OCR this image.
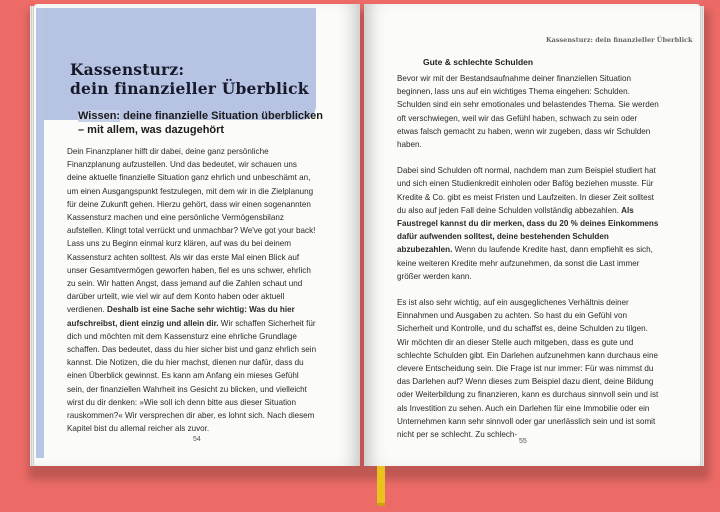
Kassensturz:
dein finanzieller Überblick
Wissen: deine finanzielle Situation überblicken – mit allem, was dazugehört
Dein Finanzplaner hilft dir dabei, deine ganz persönliche Finanzplanung aufzustellen. Und das bedeutet, wir schauen uns deine aktuelle finanzielle Situation ganz ehrlich und unbeschämt an, um einen Ausgangspunkt festzulegen, mit dem wir in die Zielplanung für deine Zukunft gehen. Hierzu gehört, dass wir einen sogenannten Kassensturz machen und eine persönliche Vermögensbilanz aufstellen. Klingt total verrückt und unmachbar? We've got your back! Lass uns zu Beginn einmal kurz klären, auf was du bei deinem Kassensturz achten solltest. Als wir das erste Mal einen Blick auf unser Gesamtvermögen geworfen haben, fiel es uns schwer, ehrlich zu sein. Wir hatten Angst, dass jemand auf die Zahlen schaut und darüber urteilt, wie viel wir auf dem Konto haben oder aktuell verdienen. Deshalb ist eine Sache sehr wichtig: Was du hier aufschreibst, dient einzig und allein dir. Wir schaffen Sicherheit für dich und möchten mit dem Kassensturz eine ehrliche Grundlage schaffen. Das bedeutet, dass du hier sicher bist und ganz ehrlich sein kannst. Die Notizen, die du hier machst, dienen nur dafür, dass du einen Überblick gewinnst. Es kann am Anfang ein mieses Gefühl sein, der finanziellen Wahrheit ins Gesicht zu blicken, und vielleicht wirst du dir denken: »Wie soll ich denn bitte aus dieser Situation rauskommen?« Wir versprechen dir aber, es lohnt sich. Nach diesem Kapitel bist du allemal reicher als zuvor.
54
Kassensturz: dein finanzieller Überblick
Gute & schlechte Schulden

Bevor wir mit der Bestandsaufnahme deiner finanziellen Situation beginnen, lass uns auf ein wichtiges Thema eingehen: Schulden. Schulden sind ein sehr emotionales und belastendes Thema. Sie werden oft verschwiegen, weil wir das Gefühl haben, schwach zu sein oder etwas falsch gemacht zu haben, wenn wir zugeben, dass wir Schulden haben.

Dabei sind Schulden oft normal, nachdem man zum Beispiel studiert hat und sich einen Studienkredit einholen oder Bafög beziehen musste. Für Kredite & Co. gibt es meist Fristen und Laufzeiten. In dieser Zeit solltest du also auf jeden Fall deine Schulden vollständig abbezahlen. Als Faustregel kannst du dir merken, dass du 20 % deines Einkommens dafür aufwenden solltest, deine bestehenden Schulden abzubezahlen. Wenn du laufende Kredite hast, dann empfiehlt es sich, keine weiteren Kredite mehr aufzunehmen, da sonst die Last immer größer werden kann.

Es ist also sehr wichtig, auf ein ausgeglichenes Verhältnis deiner Einnahmen und Ausgaben zu achten. So hast du ein Gefühl von Sicherheit und Kontrolle, und du schaffst es, deine Schulden zu tilgen. Wir möchten dir an dieser Stelle auch mitgeben, dass es gute und schlechte Schulden gibt. Ein Darlehen aufzunehmen kann durchaus eine clevere Entscheidung sein. Die Frage ist nur immer: Für was nimmst du das Darlehen auf? Wenn dieses zum Beispiel dazu dient, deine Bildung oder Weiterbildung zu finanzieren, kann es durchaus sinnvoll sein und ist als Investition zu sehen. Auch ein Darlehen für eine Immobilie oder ein Unternehmen kann sehr sinnvoll oder gar unerlässlich sein und ist somit nicht per se schlecht. Zu schlech-

55
